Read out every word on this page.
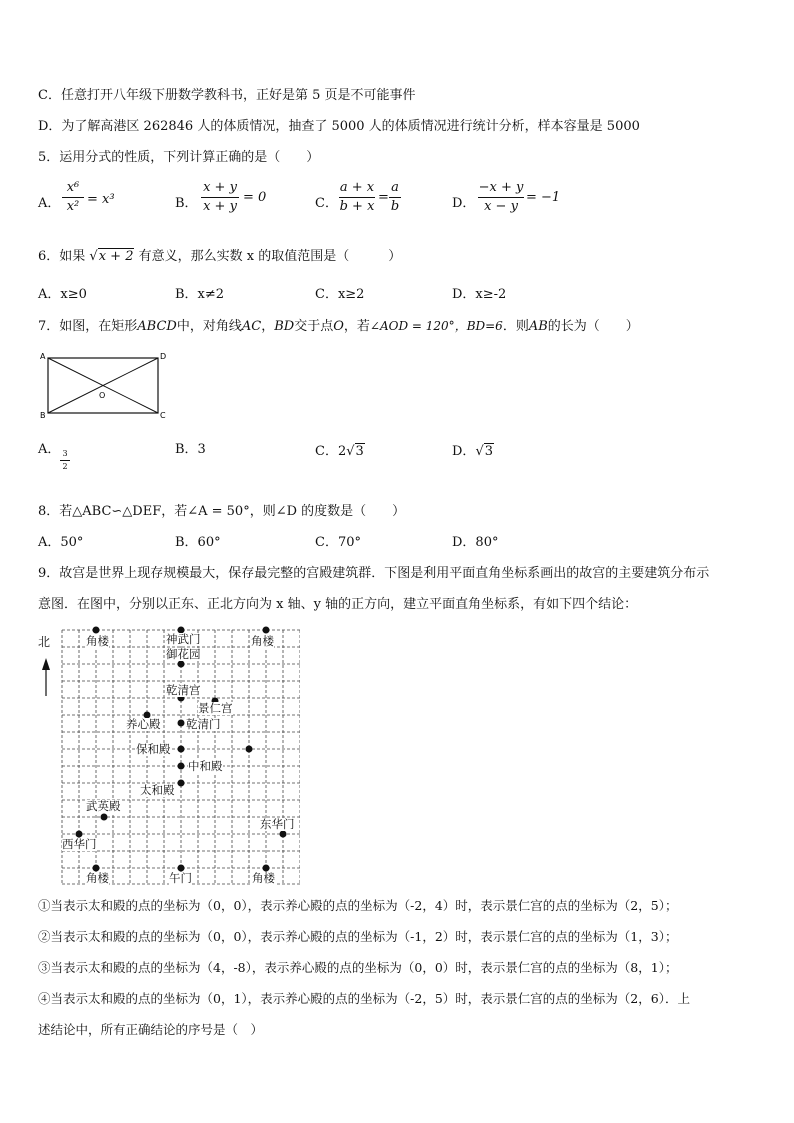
C．任意打开八年级下册数学教科书，正好是第 5 页是不可能事件
D．为了解高港区 262846 人的体质情况，抽查了 5000 人的体质情况进行统计分析，样本容量是 5000
5．运用分式的性质，下列计算正确的是（　　）
A．
x⁶
x² = x³	B．
x + y
x + y
= 0	C．
a + x
b + x
=
a
b	D．
−x + y
x − y
= −1
6．如果 √x + 2 有意义，那么实数 x 的取值范围是（　　　）
A．x≥0	B．x≠2	C．x≥2	D．x≥-2
7．如图，在矩形ABCD中，对角线AC，BD交于点O，若∠AOD = 120°，BD=6．则AB的长为（　　）
A
B	C
D
O
A． 3
2
B．3	C．2√3	D．√3
8．若△ABC∽△DEF，若∠A = 50°，则∠D 的度数是（　　）
A．50°	B．60°	C．70°	D．80°
9．故宫是世界上现存规模最大，保存最完整的宫殿建筑群．下图是利用平面直角坐标系画出的故宫的主要建筑分布示
意图．在图中，分别以正东、正北方向为 x 轴、y 轴的正方向，建立平面直角坐标系，有如下四个结论：
北	角楼	神武门	角楼
御花园
乾清宫
景仁宫
养心殿 乾清门
保和殿
中和殿
太和殿
武英殿
东华门
西华门
角楼	午门	角楼
①当表示太和殿的点的坐标为（0，0），表示养心殿的点的坐标为（-2，4）时，表示景仁宫的点的坐标为（2，5）；
②当表示太和殿的点的坐标为（0，0），表示养心殿的点的坐标为（-1，2）时，表示景仁宫的点的坐标为（1，3）；
③当表示太和殿的点的坐标为（4，-8），表示养心殿的点的坐标为（0，0）时，表示景仁宫的点的坐标为（8，1）；
④当表示太和殿的点的坐标为（0，1），表示养心殿的点的坐标为（-2，5）时，表示景仁宫的点的坐标为（2，6）．上
述结论中，所有正确结论的序号是（　）
